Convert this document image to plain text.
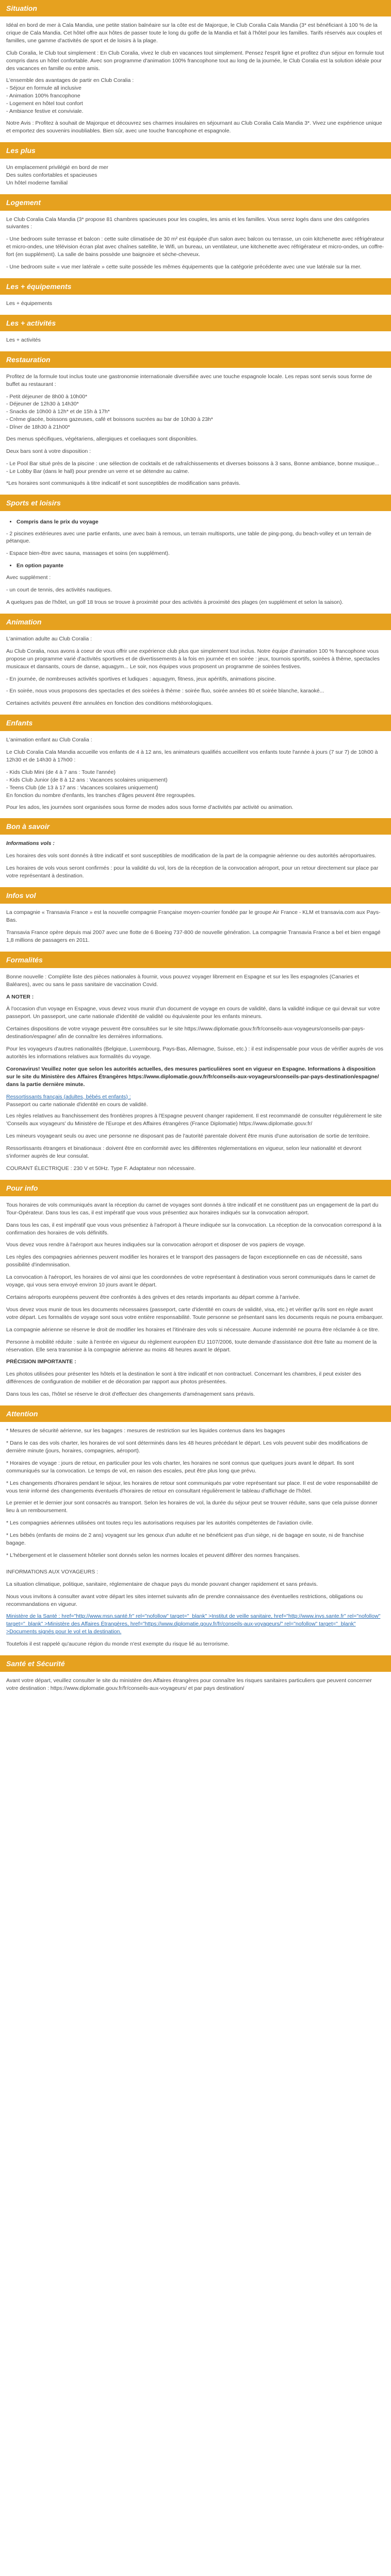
Situation

Idéal en bord de mer à Cala Mandia, une petite station balnéaire sur la côte est de Majorque, le Club Coralia Cala Mandia (3* est bénéficiant à 100 % de la crique de Cala Mandia. Cet hôtel offre aux hôtes de passer toute le long du golfe de la Mandia et fait à l'hôtel pour les familles. Tarifs réservés aux couples et familles, une gamme d'activités de sport et de loisirs à la plage.

Club Coralia, le Club tout simplement : En Club Coralia, vivez le club en vacances tout simplement. Pensez l'esprit ligne et profitez d'un séjour en formule tout compris dans un hôtel confortable. Avec son programme d'animation 100% francophone tout au long de la journée, le Club Coralia est la solution idéale pour des vacances en famille ou entre amis.

L'ensemble des avantages de partir en Club Coralia :

- Séjour en formule all inclusive

- Animation 100% francophone

- Logement en hôtel tout confort

- Ambiance festive et conviviale.

Notre Avis : Profitez à souhait de Majorque et découvrez ses charmes insulaires en séjournant au Club Coralia Cala Mandia 3*. Vivez une expérience unique et emportez des souvenirs inoubliables. Bien sûr, avec une touche francophone et espagnole.

Les plus

Un emplacement privilégié en bord de mer

Des suites confortables et spacieuses

Un hôtel moderne familial

Logement

Le Club Coralia Cala Mandia (3* propose 81 chambres spacieuses pour les couples, les amis et les familles. Vous serez logés dans une des catégories suivantes :

- Une bedroom suite terrasse et balcon : cette suite climatisée de 30 m² est équipée d'un salon avec balcon ou terrasse, un coin kitchenette avec réfrigérateur et micro-ondes, une télévision écran plat avec chaînes satellite, le Wifi, un bureau, un ventilateur, une kitchenette avec réfrigérateur et micro-ondes, un coffre-fort (en supplément). La salle de bains possède une baignoire et sèche-cheveux.

- Une bedroom suite « vue mer latérale » cette suite possède les mêmes équipements que la catégorie précédente avec une vue latérale sur la mer.

Les + équipements

Les + équipements

Les + activités

Les + activités

Restauration

Profitez de la formule tout inclus toute une gastronomie internationale diversifiée avec une touche espagnole locale. Les repas sont servis sous forme de buffet au restaurant :

- Petit déjeuner de 8h00 à 10h00*

- Déjeuner de 12h30 à 14h30*

- Snacks de 10h00 à 12h* et de 15h à 17h*

- Crème glacée, boissons gazeuses, café et boissons sucrées au bar de 10h30 à 23h*

- Dîner de 18h30 à 21h00*

Des menus spécifiques, végétariens, allergiques et coeliaques sont disponibles.

Deux bars sont à votre disposition :

- Le Pool Bar situé près de la piscine : une sélection de cocktails et de rafraîchissements et diverses boissons à 3 sans, Bonne ambiance, bonne musique...

- Le Lobby Bar (dans le hall) pour prendre un verre et se détendre au calme.

*Les horaires sont communiqués à titre indicatif et sont susceptibles de modification sans préavis.

Sports et loisirs
• Compris dans le prix du voyage

- 2 piscines extérieures avec une partie enfants, une avec bain à remous, un terrain multisports, une table de ping-pong, du beach-volley et un terrain de pétanque.

- Espace bien-être avec sauna, massages et soins (en supplément).

• En option payante

Avec supplément :

- un court de tennis, des activités nautiques.

A quelques pas de l'hôtel, un golf 18 trous se trouve à proximité pour des activités à proximité des plages (en supplément et selon la saison).

Animation

L'animation adulte au Club Coralia :

Au Club Coralia, nous avons à coeur de vous offrir une expérience club plus que simplement tout inclus. Notre équipe d'animation 100 % francophone vous propose un programme varié d'activités sportives et de divertissements à la fois en journée et en soirée : jeux, tournois sportifs, soirées à thème, spectacles musicaux et dansants, cours de danse, aquagym... Le soir, nos équipes vous proposent un programme de soirées festives.

- En journée, de nombreuses activités sportives et ludiques : aquagym, fitness, jeux apéritifs, animations piscine.

- En soirée, nous vous proposons des spectacles et des soirées à thème : soirée fluo, soirée années 80 et soirée blanche, karaoké...

Certaines activités peuvent être annulées en fonction des conditions météorologiques.

Enfants

L'animation enfant au Club Coralia :

Le Club Coralia Cala Mandia accueille vos enfants de 4 à 12 ans, les animateurs qualifiés accueillent vos enfants toute l'année à jours (7 sur 7) de 10h00 à 12h30 et de 14h30 à 17h00 :

- Kids Club Mini (de 4 à 7 ans : Toute l'année)

- Kids Club Junior (de 8 à 12 ans : Vacances scolaires uniquement)

- Teens Club (de 13 à 17 ans : Vacances scolaires uniquement)

En fonction du nombre d'enfants, les tranches d'âges peuvent être regroupées.

Pour les ados, les journées sont organisées sous forme de modes ados sous forme d'activités par activité ou animation.

Bon à savoir

Informations vols :

Les horaires des vols sont donnés à titre indicatif et sont susceptibles de modification de la part de la compagnie aérienne ou des autorités aéroportuaires.

Les horaires de vols vous seront confirmés : pour la validité du vol, lors de la réception de la convocation aéroport, pour un retour directement sur place par votre représentant à destination.

Infos vol

La compagnie « Transavia France » est la nouvelle compagnie Française moyen-courrier fondée par le groupe Air France - KLM et transavia.com aux Pays-Bas.

Transavia France opère depuis mai 2007 avec une flotte de 6 Boeing 737-800 de nouvelle génération. La compagnie Transavia France a bel et bien engagé 1,8 millions de passagers en 2011.

Formalités

Bonne nouvelle : Complète liste des pièces nationales à fournir, vous pouvez voyager librement en Espagne et sur les îles espagnoles (Canaries et Baléares), avec ou sans le pass sanitaire de vaccination Covid.

A NOTER :

À l'occasion d'un voyage en Espagne, vous devez vous munir d'un document de voyage en cours de validité, dans la validité indique ce qui devrait sur votre passeport. Un passeport, une carte nationale d'identité de validité ou équivalente pour les enfants mineurs.

Certaines dispositions de votre voyage peuvent être consultées sur le site https://www.diplomatie.gouv.fr/fr/conseils-aux-voyageurs/conseils-par-pays-destination/espagne/ afin de connaître les dernières informations.

Pour les voyageurs d'autres nationalités (Belgique, Luxembourg, Pays-Bas, Allemagne, Suisse, etc.) : il est indispensable pour vous de vérifier auprès de vos autorités les informations relatives aux formalités du voyage.

Coronavirus! Veuillez noter que selon les autorités actuelles, des mesures particulières sont en vigueur en Espagne. Informations à disposition sur le site du Ministère des Affaires Étrangères https://www.diplomatie.gouv.fr/fr/conseils-aux-voyageurs/conseils-par-pays-destination/espagne/ dans la partie dernière minute.

Ressortissants français (adultes, bébés et enfants) :

Passeport ou carte nationale d'identité en cours de validité.

Les règles relatives au franchissement des frontières propres à l'Espagne peuvent changer rapidement. Il est recommandé de consulter régulièrement le site 'Conseils aux voyageurs' du Ministère de l'Europe et des Affaires étrangères (France Diplomatie) https://www.diplomatie.gouv.fr/

Les mineurs voyageant seuls ou avec une personne ne disposant pas de l'autorité parentale doivent être munis d'une autorisation de sortie de territoire.

Ressortissants étrangers et binationaux : doivent être en conformité avec les différentes réglementations en vigueur, selon leur nationalité et devront s'informer auprès de leur consulat.

COURANT ÉLECTRIQUE : 230 V et 50Hz. Type F. Adaptateur non nécessaire.

Pour info

Tous horaires de vols communiqués avant la réception du carnet de voyages sont donnés à titre indicatif et ne constituent pas un engagement de la part du Tour-Opérateur. Dans tous les cas, il est impératif que vous vous présentiez aux horaires indiqués sur la convocation aéroport.

Dans tous les cas, il est impératif que vous vous présentiez à l'aéroport à l'heure indiquée sur la convocation. La réception de la convocation correspond à la confirmation des horaires de vols définitifs.

Vous devez vous rendre à l'aéroport aux heures indiquées sur la convocation aéroport et disposer de vos papiers de voyage.

Les règles des compagnies aériennes peuvent modifier les horaires et le transport des passagers de façon exceptionnelle en cas de nécessité, sans possibilité d'indemnisation.

La convocation à l'aéroport, les horaires de vol ainsi que les coordonnées de votre représentant à destination vous seront communiqués dans le carnet de voyage, qui vous sera envoyé environ 10 jours avant le départ.

Certains aéroports européens peuvent être confrontés à des grèves et des retards importants au départ comme à l'arrivée.

Vous devez vous munir de tous les documents nécessaires (passeport, carte d'identité en cours de validité, visa, etc.) et vérifier qu'ils sont en règle avant votre départ. Les formalités de voyage sont sous votre entière responsabilité. Toute personne se présentant sans les documents requis ne pourra embarquer.

La compagnie aérienne se réserve le droit de modifier les horaires et l'itinéraire des vols si nécessaire. Aucune indemnité ne pourra être réclamée à ce titre.

Personne à mobilité réduite : suite à l'entrée en vigueur du règlement européen EU 1107/2006, toute demande d'assistance doit être faite au moment de la réservation. Elle sera transmise à la compagnie aérienne au moins 48 heures avant le départ.

PRÉCISION IMPORTANTE :

Les photos utilisées pour présenter les hôtels et la destination le sont à titre indicatif et non contractuel. Concernant les chambres, il peut exister des différences de configuration de mobilier et de décoration par rapport aux photos présentées.

Dans tous les cas, l'hôtel se réserve le droit d'effectuer des changements d'aménagement sans préavis.

Attention

* Mesures de sécurité aérienne, sur les bagages : mesures de restriction sur les liquides contenus dans les bagages

* Dans le cas des vols charter, les horaires de vol sont déterminés dans les 48 heures précédant le départ. Les vols peuvent subir des modifications de dernière minute (jours, horaires, compagnies, aéroport).

* Horaires de voyage : jours de retour, en particulier pour les vols charter, les horaires ne sont connus que quelques jours avant le départ. Ils sont communiqués sur la convocation. Le temps de vol, en raison des escales, peut être plus long que prévu.

* Les changements d'horaires pendant le séjour, les horaires de retour sont communiqués par votre représentant sur place. Il est de votre responsabilité de vous tenir informé des changements éventuels d'horaires de retour en consultant régulièrement le tableau d'affichage de l'hôtel.

Le premier et le dernier jour sont consacrés au transport. Selon les horaires de vol, la durée du séjour peut se trouver réduite, sans que cela puisse donner lieu à un remboursement.

* Les compagnies aériennes utilisées ont toutes reçu les autorisations requises par les autorités compétentes de l'aviation civile.

* Les bébés (enfants de moins de 2 ans) voyagent sur les genoux d'un adulte et ne bénéficient pas d'un siège, ni de bagage en soute, ni de franchise bagage.

* L'hébergement et le classement hôtelier sont donnés selon les normes locales et peuvent différer des normes françaises.

INFORMATIONS AUX VOYAGEURS :

La situation climatique, politique, sanitaire, réglementaire de chaque pays du monde pouvant changer rapidement et sans préavis.

Nous vous invitons à consulter avant votre départ les sites internet suivants afin de prendre connaissance des éventuelles restrictions, obligations ou recommandations en vigueur.

Ministère de la Santé : href="http://www.msn.santé.fr" rel="nofollow" target="_blank" >Institut de veille sanitaire, href="http://www.invs.sante.fr" rel="nofollow" target="_blank" >Ministère des Affaires Étrangères, href="https://www.diplomatie.gouv.fr/fr/conseils-aux-voyageurs/" rel="nofollow" target="_blank" >Documents signés pour le vol et la destination.

Toutefois il est rappelé qu'aucune région du monde n'est exempte du risque lié au terrorisme.

Santé et Sécurité

Avant votre départ, veuillez consulter le site du ministère des Affaires étrangères pour connaître les risques sanitaires particuliers que peuvent concerner votre destination : https://www.diplomatie.gouv.fr/fr/conseils-aux-voyageurs/ et par pays destination/
